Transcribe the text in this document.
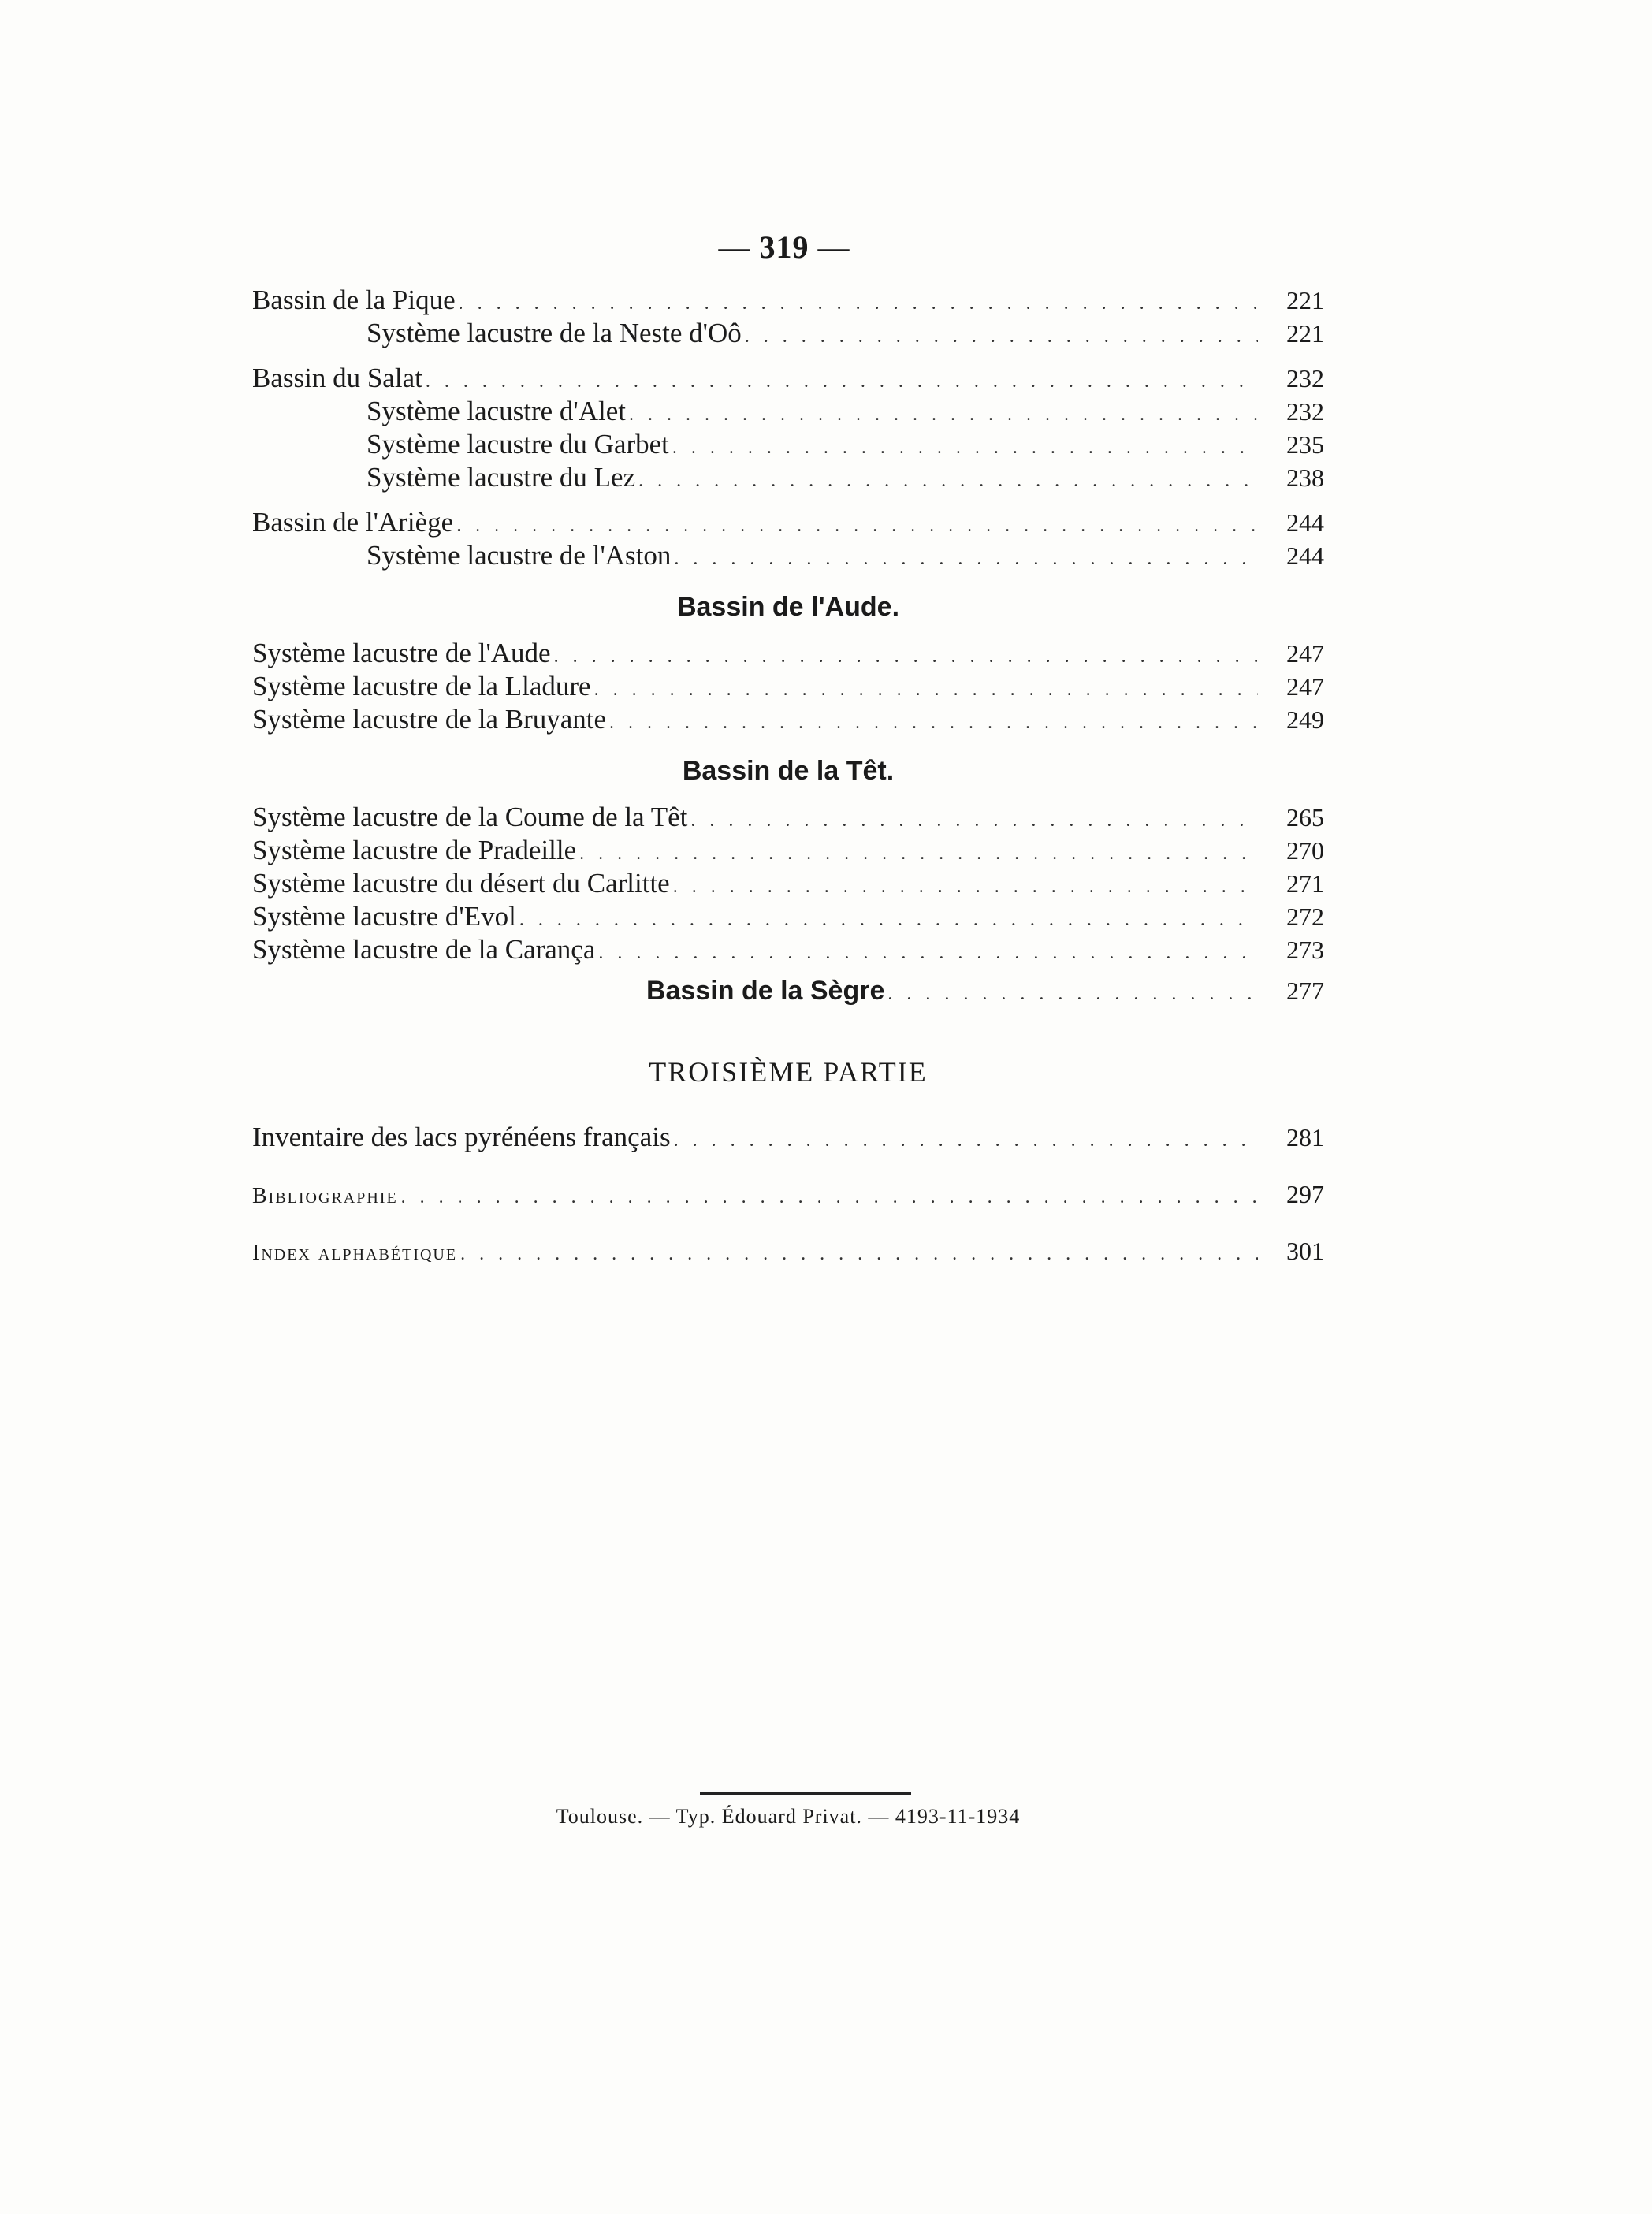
— 319 —
Bassin de la Pique . . .	221
Système lacustre de la Neste d'Oô . . .	221
Bassin du Salat . . .	232
Système lacustre d'Alet . . .	232
Système lacustre du Garbet . . .	235
Système lacustre du Lez . . .	238
Bassin de l'Ariège . . .	244
Système lacustre de l'Aston . . .	244
Bassin de l'Aude.
Système lacustre de l'Aude . . .	247
Système lacustre de la Lladure . . .	247
Système lacustre de la Bruyante . . .	249
Bassin de la Têt.
Système lacustre de la Coume de la Têt . . .	265
Système lacustre de Pradeille . . .	270
Système lacustre du désert du Carlitte . . .	271
Système lacustre d'Evol . . .	272
Système lacustre de la Carança . . .	273
Bassin de la Sègre . . .	277
TROISIÈME PARTIE
Inventaire des lacs pyrénéens français . . .	281
Bibliographie . . .	297
Index alphabétique . . .	301
Toulouse. — Typ. Édouard Privat. — 4193-11-1934
